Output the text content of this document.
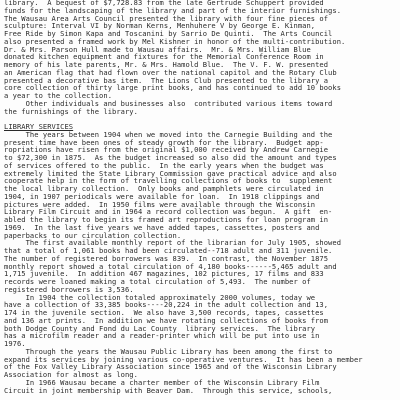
library.  A bequest of $7,728.83 from the late Gertrude Schuppert provided
funds for the landscaping of the library and part of the interior furnishings.
The Wausau Area Arts Council presented the library with four fine pieces of
sculpture: Interval VI by Norman Kerns, Menhuhere V by George E. Kinman,
Free Ride by Simon Kapa and Toscanini by Sarrio De Quinti.  The Arts Council
also presented a framed work by Mel Kishner in honor of the multi-contribution.
Dr. & Mrs. Parson Hull made to Wausau affairs.  Mr. & Mrs. William Blue
donated kitchen equipment and fixtures for the Memorial Conference Room in
memory of his late parents, Mr. & Mrs. Hamold Blue.  The V. F. W. presented
an American flag that had flown over the national capitol and the Rotary Club
presented a decorative bas item.  The Lions Club presented to the library a
core collection of thirty large print books, and has continued to add 10 books
a year to the collection.
Other individuals and businesses also  contributed various items toward
the furnishings of the library.
LIBRARY SERVICES
The years between 1904 when we moved into the Carnegie Building and the
present time have been ones of steady growth for the library.  Budget app-
ropriations have risen from the original $1,000 received by Andrew Carnegie
to $72,300 in 1875.  As the budget increased so also did the amount and types
of services offered to the public.  In the early years when the budget was
extremely limited the State Library Commission gave practical advice and also
cooperate help in the form of travelling collections of books to  supplement
the local library collection.  Only books and pamphlets were circulated in
1904, in 1907 periodicals were available for loan.  In 1918 clippings and
pictures were added.  In 1950 films were available through the Wisconsin
Library Film Circuit and in 1964 a record collection was begun.  A gift  en-
abled the library to begin its framed art reproductions for loan program in
1969.  In the last five years we have added tapes, cassettes, posters and
paperbacks to our circulation collection.
The first available monthly report of the librarian for July 1905, showed
that a total of 1,061 books had been circulated--718 adult and 311 juvenile.
The number of registered borrowers was 839.  In contrast, the November 1875
monthly report showed a total circulation of 4,180 books------5,465 adult and
1,715 juvenile.  In addition 467 magazines, 102 pictures, 17 films and 833
records were loaned making a total circulation of 5,493.  The number of
registered borrowers is 3,536.
In 1904 the collection totaled approximately 2000 volumes, today we
have a collection of 33,385 books----20,224 in the adult collection and 13,
174 in the juvenile section.  We also have 3,500 records, tapes, cassettes
and 136 art prints.  In addition we have rotating collections of books from
both Dodge County and Fond du Lac County  library services.  The library
has a microfilm reader and a reader-printer which will be put into use in
1976.
Through the years the Wausau Public Library has been among the first to
expand its services by joining various co-operative ventures.  It has been a member
of the Fox Valley Library Association since 1965 and of the Wisconsin Library
Association for almost as long.
In 1966 Wausau became a charter member of the Wisconsin Library Film
Circuit in joint membership with Beaver Dam.  Through this service, schools,
